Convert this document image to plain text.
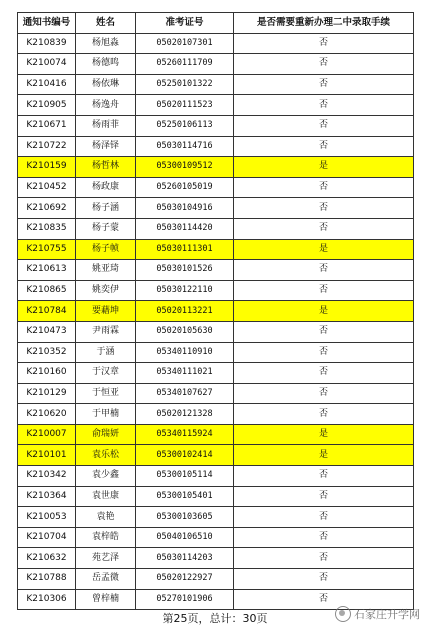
通知书编号	姓名	准考证号	是否需要重新办理二中录取手续
K210839	杨旭淼	05020107301	否
K210074	杨德鸣	05260111709	否
K210416	杨依琳	05250101322	否
K210905	杨逸舟	05020111523	否
K210671	杨雨菲	05250106113	否
K210722	杨泽铎	05030114716	否
K210159	杨哲林	05300109512	是
K210452	杨政康	05260105019	否
K210692	杨子涵	05030104916	否
K210835	杨子蒙	05030114420	否
K210755	杨子帧	05030111301	是
K210613	姚亚琦	05030101526	否
K210865	姚奕伊	05030122110	否
K210784	要藉坤	05020113221	是
K210473	尹雨霖	05020105630	否
K210352	于涵	05340110910	否
K210160	于汉章	05340111021	否
K210129	于恒亚	05340107627	否
K210620	于甲楠	05020121328	否
K210007	俞瑞妍	05340115924	是
K210101	袁乐松	05300102414	是
K210342	袁少鑫	05300105114	否
K210364	袁世康	05300105401	否
K210053	袁艳	05300103605	否
K210704	袁梓皓	05040106510	否
K210632	苑艺泽	05030114203	否
K210788	岳孟微	05020122927	否
K210306	曾梓楠	05270101906	否
第25页，总计：30页	石家庄升学网
